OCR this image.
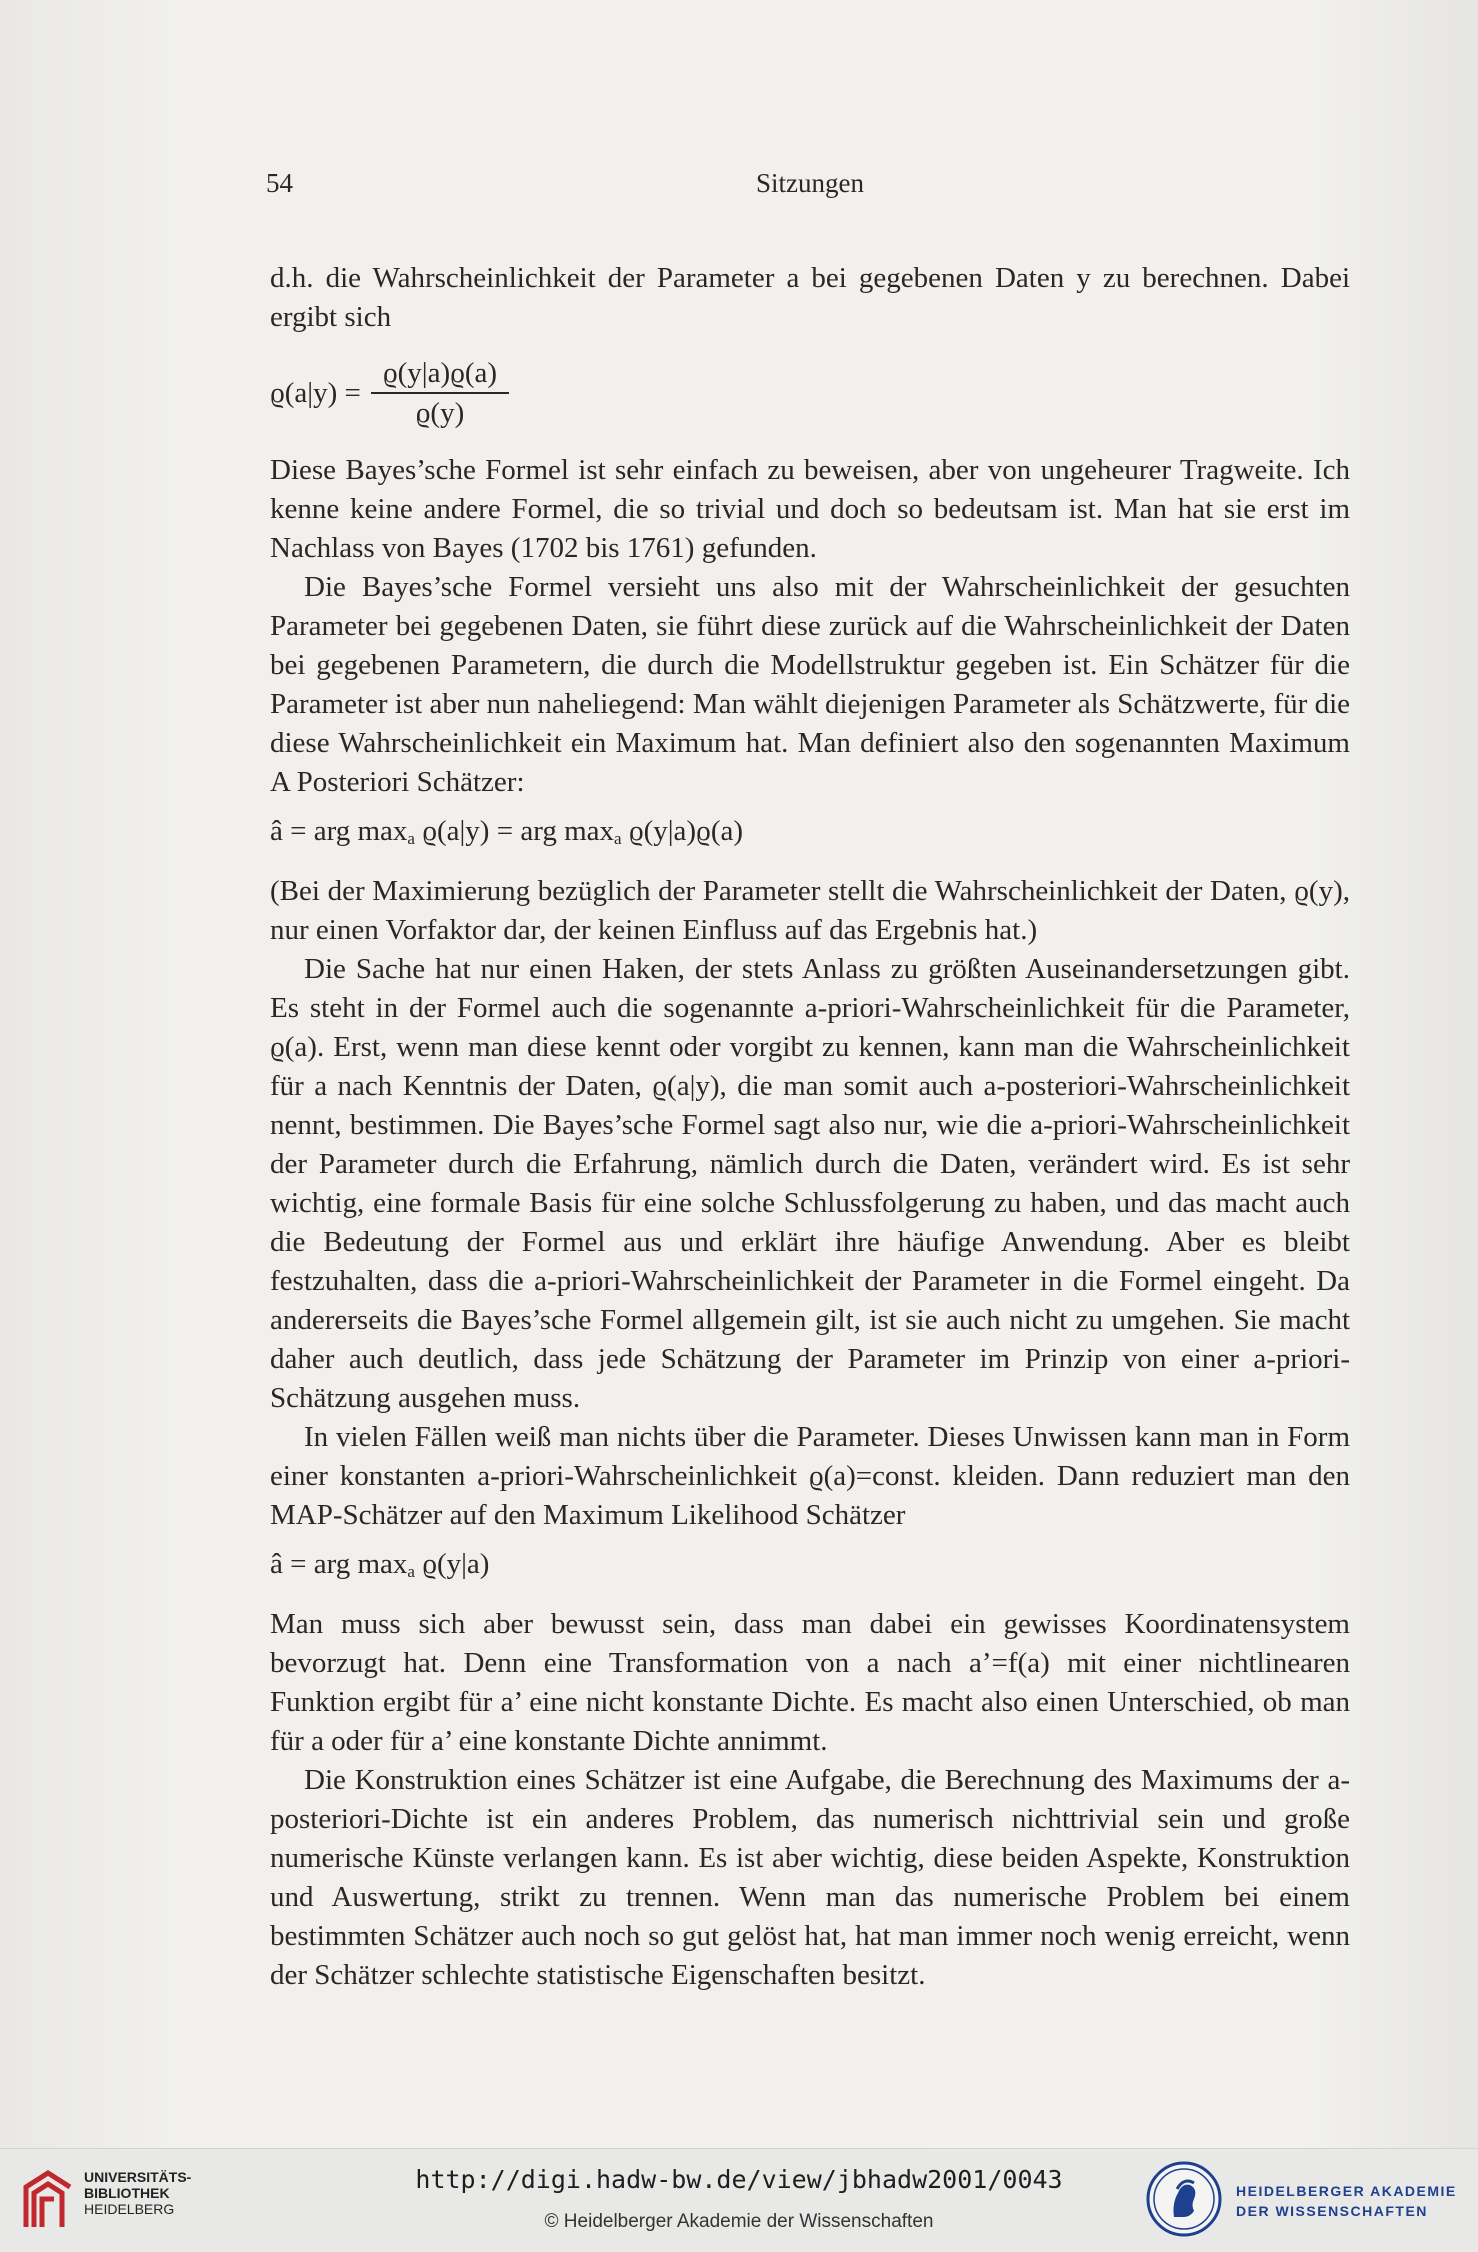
54	Sitzungen

d.h. die Wahrscheinlichkeit der Parameter a bei gegebenen Daten y zu berechnen. Dabei ergibt sich

$ϱ(a|y) = \frac{ϱ(y|a)ϱ(a)}{ϱ(y)}$

Diese Bayes’sche Formel ist sehr einfach zu beweisen, aber von ungeheurer Tragweite. Ich kenne keine andere Formel, die so trivial und doch so bedeutsam ist. Man hat sie erst im Nachlass von Bayes (1702 bis 1761) gefunden.

Die Bayes’sche Formel versieht uns also mit der Wahrscheinlichkeit der gesuchten Parameter bei gegebenen Daten, sie führt diese zurück auf die Wahrscheinlichkeit der Daten bei gegebenen Parametern, die durch die Modellstruktur gegeben ist. Ein Schätzer für die Parameter ist aber nun naheliegend: Man wählt diejenigen Parameter als Schätzwerte, für die diese Wahrscheinlichkeit ein Maximum hat. Man definiert also den sogenannten Maximum A Posteriori Schätzer:

â = arg $\max_a ϱ(a|y)$ = arg $\max_a ϱ(y|a)ϱ(a)$

(Bei der Maximierung bezüglich der Parameter stellt die Wahrscheinlichkeit der Daten, ϱ(y), nur einen Vorfaktor dar, der keinen Einfluss auf das Ergebnis hat.)

Die Sache hat nur einen Haken, der stets Anlass zu größten Auseinandersetzungen gibt. Es steht in der Formel auch die sogenannte a-priori-Wahrscheinlichkeit für die Parameter, ϱ(a). Erst, wenn man diese kennt oder vorgibt zu kennen, kann man die Wahrscheinlichkeit für a nach Kenntnis der Daten, ϱ(a|y), die man somit auch a-posteriori-Wahrscheinlichkeit nennt, bestimmen. Die Bayes’sche Formel sagt also nur, wie die a-priori-Wahrscheinlichkeit der Parameter durch die Erfahrung, nämlich durch die Daten, verändert wird. Es ist sehr wichtig, eine formale Basis für eine solche Schlussfolgerung zu haben, und das macht auch die Bedeutung der Formel aus und erklärt ihre häufige Anwendung. Aber es bleibt festzuhalten, dass die a-priori-Wahrscheinlichkeit der Parameter in die Formel eingeht. Da andererseits die Bayes’sche Formel allgemein gilt, ist sie auch nicht zu umgehen. Sie macht daher auch deutlich, dass jede Schätzung der Parameter im Prinzip von einer a-priori-Schätzung ausgehen muss.

In vielen Fällen weiß man nichts über die Parameter. Dieses Unwissen kann man in Form einer konstanten a-priori-Wahrscheinlichkeit ϱ(a)=const. kleiden. Dann reduziert man den MAP-Schätzer auf den Maximum Likelihood Schätzer

â = arg $\max_a ϱ(y|a)$

Man muss sich aber bewusst sein, dass man dabei ein gewisses Koordinatensystem bevorzugt hat. Denn eine Transformation von a nach a’=f(a) mit einer nichtlinearen Funktion ergibt für a’ eine nicht konstante Dichte. Es macht also einen Unterschied, ob man für a oder für a’ eine konstante Dichte annimmt.

Die Konstruktion eines Schätzer ist eine Aufgabe, die Berechnung des Maximums der a-posteriori-Dichte ist ein anderes Problem, das numerisch nichttrivial sein und große numerische Künste verlangen kann. Es ist aber wichtig, diese beiden Aspekte, Konstruktion und Auswertung, strikt zu trennen. Wenn man das numerische Problem bei einem bestimmten Schätzer auch noch so gut gelöst hat, hat man immer noch wenig erreicht, wenn der Schätzer schlechte statistische Eigenschaften besitzt.

UNIVERSITÄTS-
BIBLIOTHEK
HEIDELBERG
http://digi.hadw-bw.de/view/jbhadw2001/0043
© Heidelberger Akademie der Wissenschaften
HEIDELBERGER AKADEMIE
DER WISSENSCHAFTEN
